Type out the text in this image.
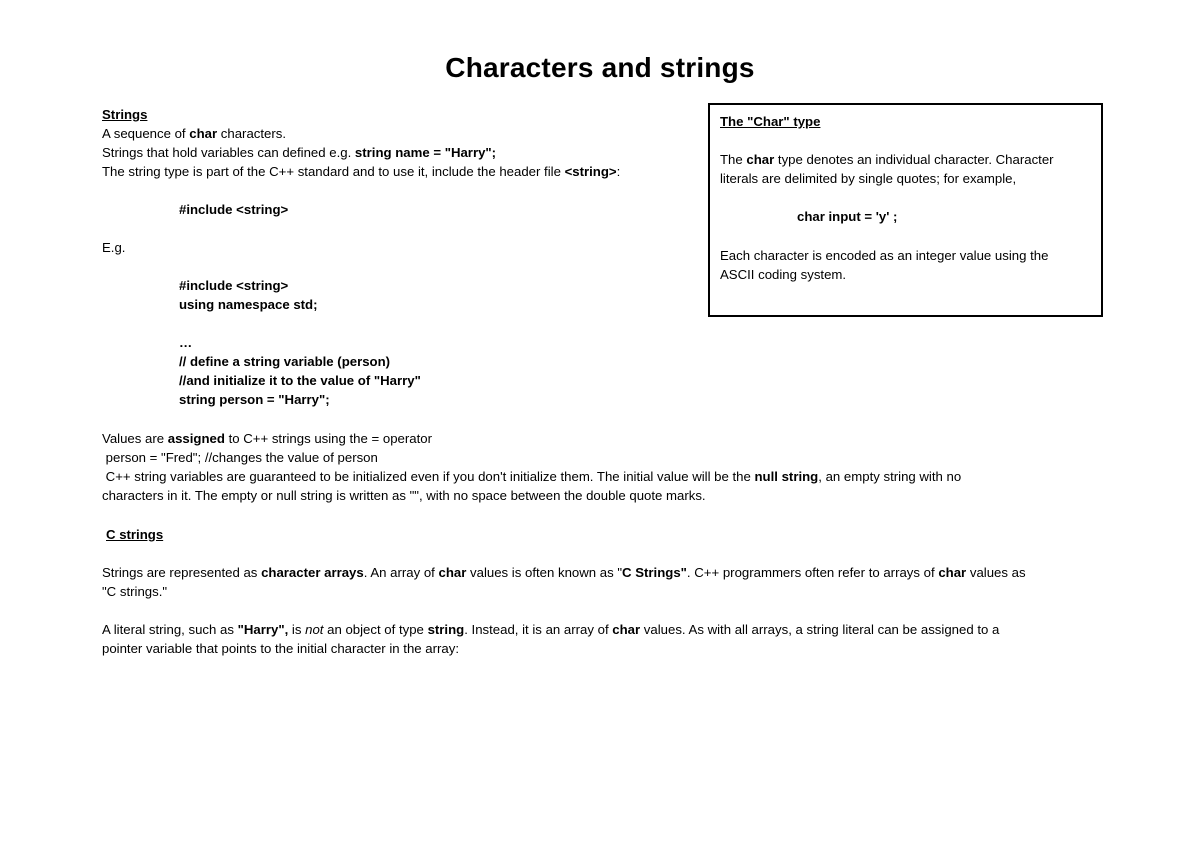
Characters and strings
Strings
A sequence of char characters.
Strings that hold variables can defined e.g. string name = "Harry";
The string type is part of the C++ standard and to use it, include the header file <string>:
#include <string>
E.g.
#include <string>
using namespace std;
…
// define a string variable (person)
//and initialize it to the value of "Harry"
string person = "Harry";
Values are assigned to C++ strings using the = operator
person = "Fred"; //changes the value of person
C++ string variables are guaranteed to be initialized even if you don't initialize them. The initial value will be the null string, an empty string with no
characters in it. The empty or null string is written as "", with no space between the double quote marks.
C strings
Strings are represented as character arrays. An array of char values is often known as "C Strings". C++ programmers often refer to arrays of char values as
"C strings."
A literal string, such as "Harry", is not an object of type string. Instead, it is an array of char values. As with all arrays, a string literal can be assigned to a
pointer variable that points to the initial character in the array:
The "Char" type
The char type denotes an individual character. Character
literals are delimited by single quotes; for example,
char input = 'y' ;
Each character is encoded as an integer value using the
ASCII coding system.
